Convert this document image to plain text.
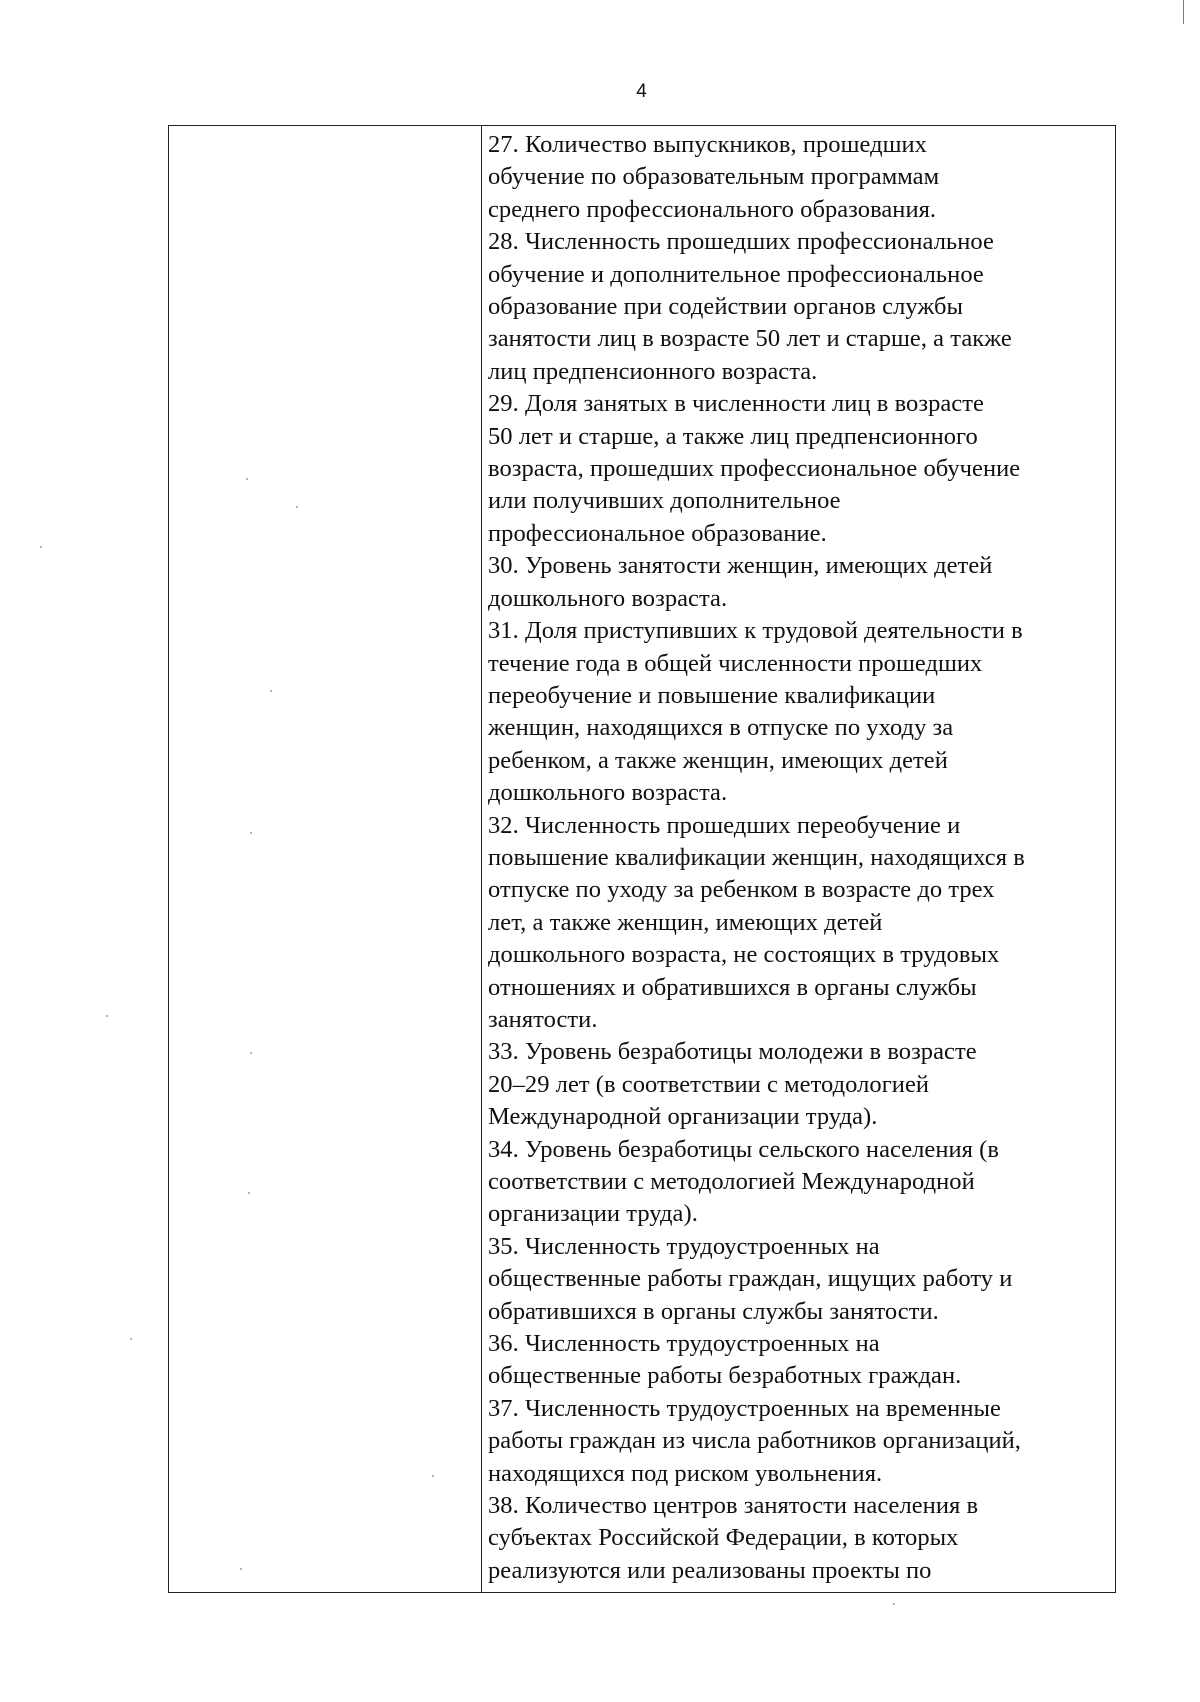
4
27. Количество выпускников, прошедших
обучение по образовательным программам
среднего профессионального образования.
28. Численность прошедших профессиональное
обучение и дополнительное профессиональное
образование при содействии органов службы
занятости лиц в возрасте 50 лет и старше, а также
лиц предпенсионного возраста.
29. Доля занятых в численности лиц в возрасте
50 лет и старше, а также лиц предпенсионного
возраста, прошедших профессиональное обучение
или получивших дополнительное
профессиональное образование.
30. Уровень занятости женщин, имеющих детей
дошкольного возраста.
31. Доля приступивших к трудовой деятельности в
течение года в общей численности прошедших
переобучение и повышение квалификации
женщин, находящихся в отпуске по уходу за
ребенком, а также женщин, имеющих детей
дошкольного возраста.
32. Численность прошедших переобучение и
повышение квалификации женщин, находящихся в
отпуске по уходу за ребенком в возрасте до трех
лет, а также женщин, имеющих детей
дошкольного возраста, не состоящих в трудовых
отношениях и обратившихся в органы службы
занятости.
33. Уровень безработицы молодежи в возрасте
20–29 лет (в соответствии с методологией
Международной организации труда).
34. Уровень безработицы сельского населения (в
соответствии с методологией Международной
организации труда).
35. Численность трудоустроенных на
общественные работы граждан, ищущих работу и
обратившихся в органы службы занятости.
36. Численность трудоустроенных на
общественные работы безработных граждан.
37. Численность трудоустроенных на временные
работы граждан из числа работников организаций,
находящихся под риском увольнения.
38. Количество центров занятости населения в
субъектах Российской Федерации, в которых
реализуются или реализованы проекты по
